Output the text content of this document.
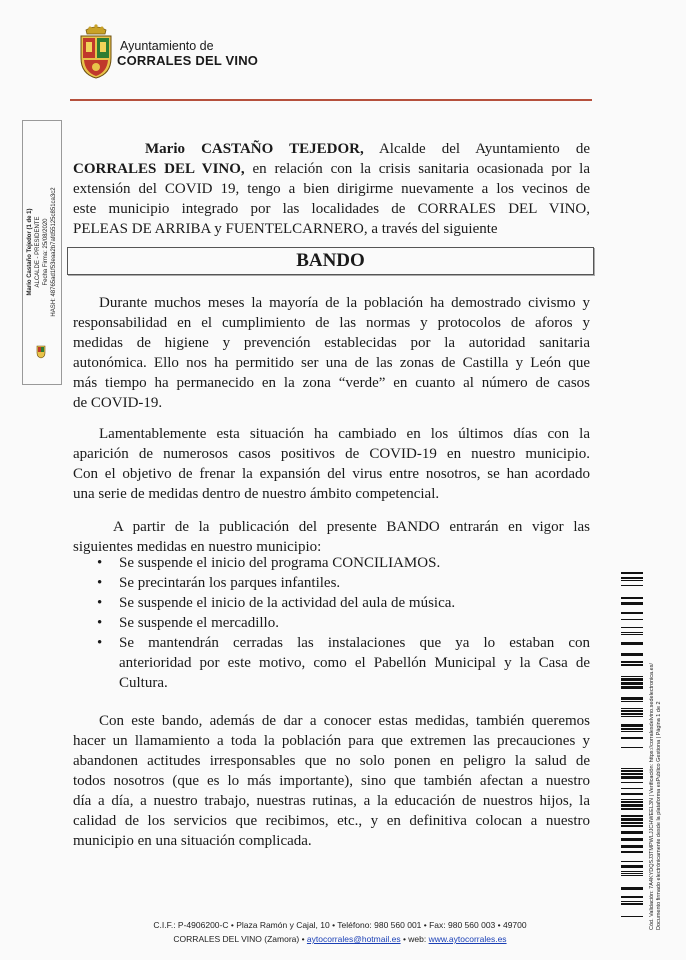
Ayuntamiento de
CORRALES DEL VINO
Mario Castaño Tejedor (1 de 1) ALCALDE - PRESIDENTE Fecha Firma: 25/08/2020 HASH: 48765ad1f53eaa2b7afd55125c851ca3c2
Mario CASTAÑO TEJEDOR, Alcalde del Ayuntamiento de
CORRALES DEL VINO, en relación con la crisis sanitaria ocasionada por la
extensión del COVID 19, tengo a bien dirigirme nuevamente a los vecinos de
este municipio integrado por las localidades de CORRALES DEL VINO,
PELEAS DE ARRIBA y FUENTELCARNERO, a través del siguiente
BANDO
Durante muchos meses la mayoría de la población ha demostrado civismo y
responsabilidad en el cumplimiento de las normas y protocolos de aforos y
medidas de higiene y prevención establecidas por la autoridad sanitaria
autonómica. Ello nos ha permitido ser una de las zonas de Castilla y León que
más tiempo ha permanecido en la zona “verde” en cuanto al número de casos
de COVID-19.
Lamentablemente esta situación ha cambiado en los últimos días con la
aparición de numerosos casos positivos de COVID-19 en nuestro municipio.
Con el objetivo de frenar la expansión del virus entre nosotros, se han acordado
una serie de medidas dentro de nuestro ámbito competencial.
A partir de la publicación del presente BANDO entrarán en vigor las
siguientes medidas en nuestro municipio:
• Se suspende el inicio del programa CONCILIAMOS.
• Se precintarán los parques infantiles.
• Se suspende el inicio de la actividad del aula de música.
• Se suspende el mercadillo.
• Se mantendrán cerradas las instalaciones que ya lo estaban con
anterioridad por este motivo, como el Pabellón Municipal y la Casa de
Cultura.
Con este bando, además de dar a conocer estas medidas, también queremos
hacer un llamamiento a toda la población para que extremen las precauciones y
abandonen actitudes irresponsables que no solo ponen en peligro la salud de
todos nosotros (que es lo más importante), sino que también afectan a nuestro
día a día, a nuestro trabajo, nuestras rutinas, a la educación de nuestros hijos, la
calidad de los servicios que recibimos, etc., y en definitiva colocan a nuestro
municipio en una situación complicada.
C.I.F.: P-4906200-C • Plaza Ramón y Cajal, 10 • Teléfono: 980 560 001 • Fax: 980 560 003 • 49700
CORRALES DEL VINO (Zamora) • aytocorrales@hotmail.es • web: www.aytocorrales.es
Cód. Validación: 7A4KYDQSJ3TMPWLJJCHWEEL3N | Verificación: https://corralesdelvino.sedelectronica.es/ Documento firmado electrónicamente desde la plataforma esPublico Gestiona | Página 1 de 2
